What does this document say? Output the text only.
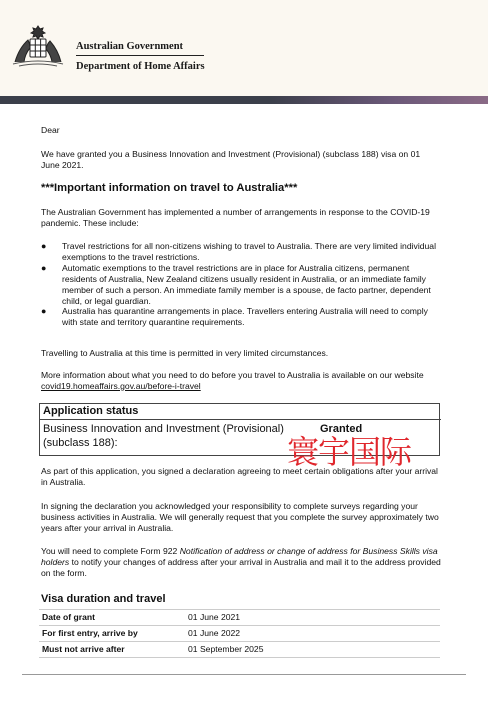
Australian Government
Department of Home Affairs

Dear

We have granted you a Business Innovation and Investment (Provisional) (subclass 188) visa on 01 June 2021.

***Important information on travel to Australia***

The Australian Government has implemented a number of arrangements in response to the COVID-19 pandemic. These include:

● Travel restrictions for all non-citizens wishing to travel to Australia. There are very limited individual exemptions to the travel restrictions.
● Automatic exemptions to the travel restrictions are in place for Australia citizens, permanent residents of Australia, New Zealand citizens usually resident in Australia, or an immediate family member of such a person. An immediate family member is a spouse, de facto partner, dependent child, or legal guardian.
● Australia has quarantine arrangements in place. Travellers entering Australia will need to comply with state and territory quarantine requirements.

Travelling to Australia at this time is permitted in very limited circumstances.

More information about what you need to do before you travel to Australia is available on our website covid19.homeaffairs.gov.au/before-i-travel

Application status
Business Innovation and Investment (Provisional) (subclass 188):
Granted
寰宇国际

As part of this application, you signed a declaration agreeing to meet certain obligations after your arrival in Australia.

In signing the declaration you acknowledged your responsibility to complete surveys regarding your business activities in Australia. We will generally request that you complete the survey approximately two years after your arrival in Australia.

You will need to complete Form 922 Notification of address or change of address for Business Skills visa holders to notify your changes of address after your arrival in Australia and mail it to the address provided on the form.

Visa duration and travel
Date of grant	01 June 2021
For first entry, arrive by	01 June 2022
Must not arrive after	01 September 2025
